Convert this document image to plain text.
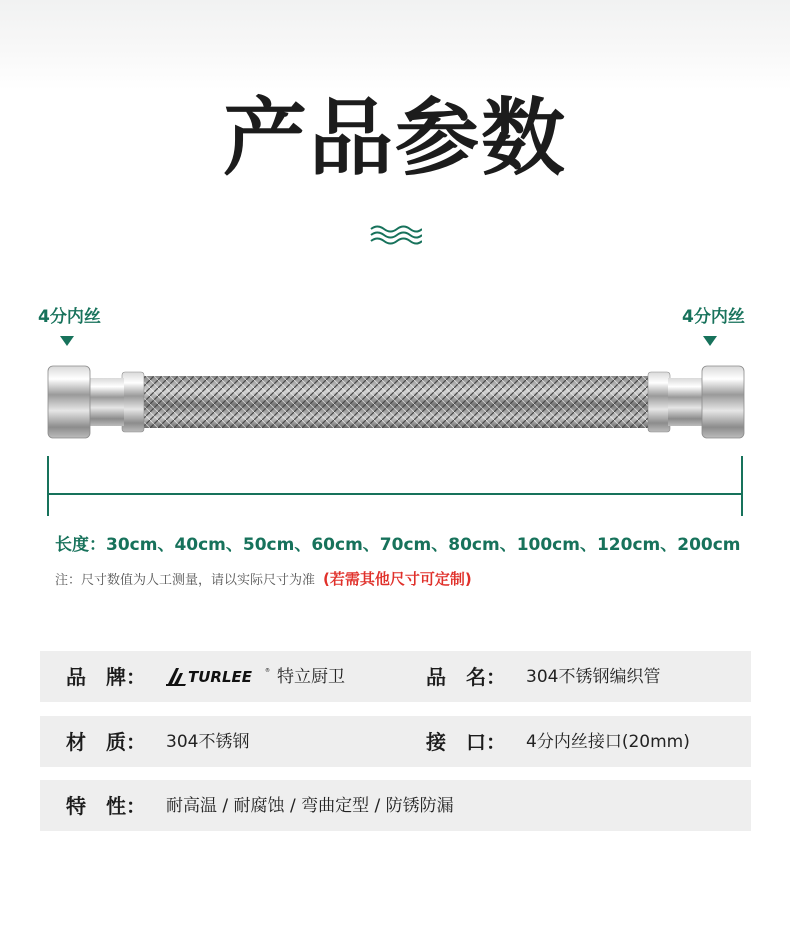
产品参数
4分内丝	4分内丝
长度：30cm、40cm、50cm、60cm、70cm、80cm、100cm、120cm、200cm
注：尺寸数值为人工测量，请以实际尺寸为准 (若需其他尺寸可定制)
品　牌：	TURLEE	® 特立厨卫	品　名： 304不锈钢编织管
材　质： 304不锈钢	接　口： 4分内丝接口(20mm)
特　性： 耐高温 / 耐腐蚀 / 弯曲定型 / 防锈防漏
